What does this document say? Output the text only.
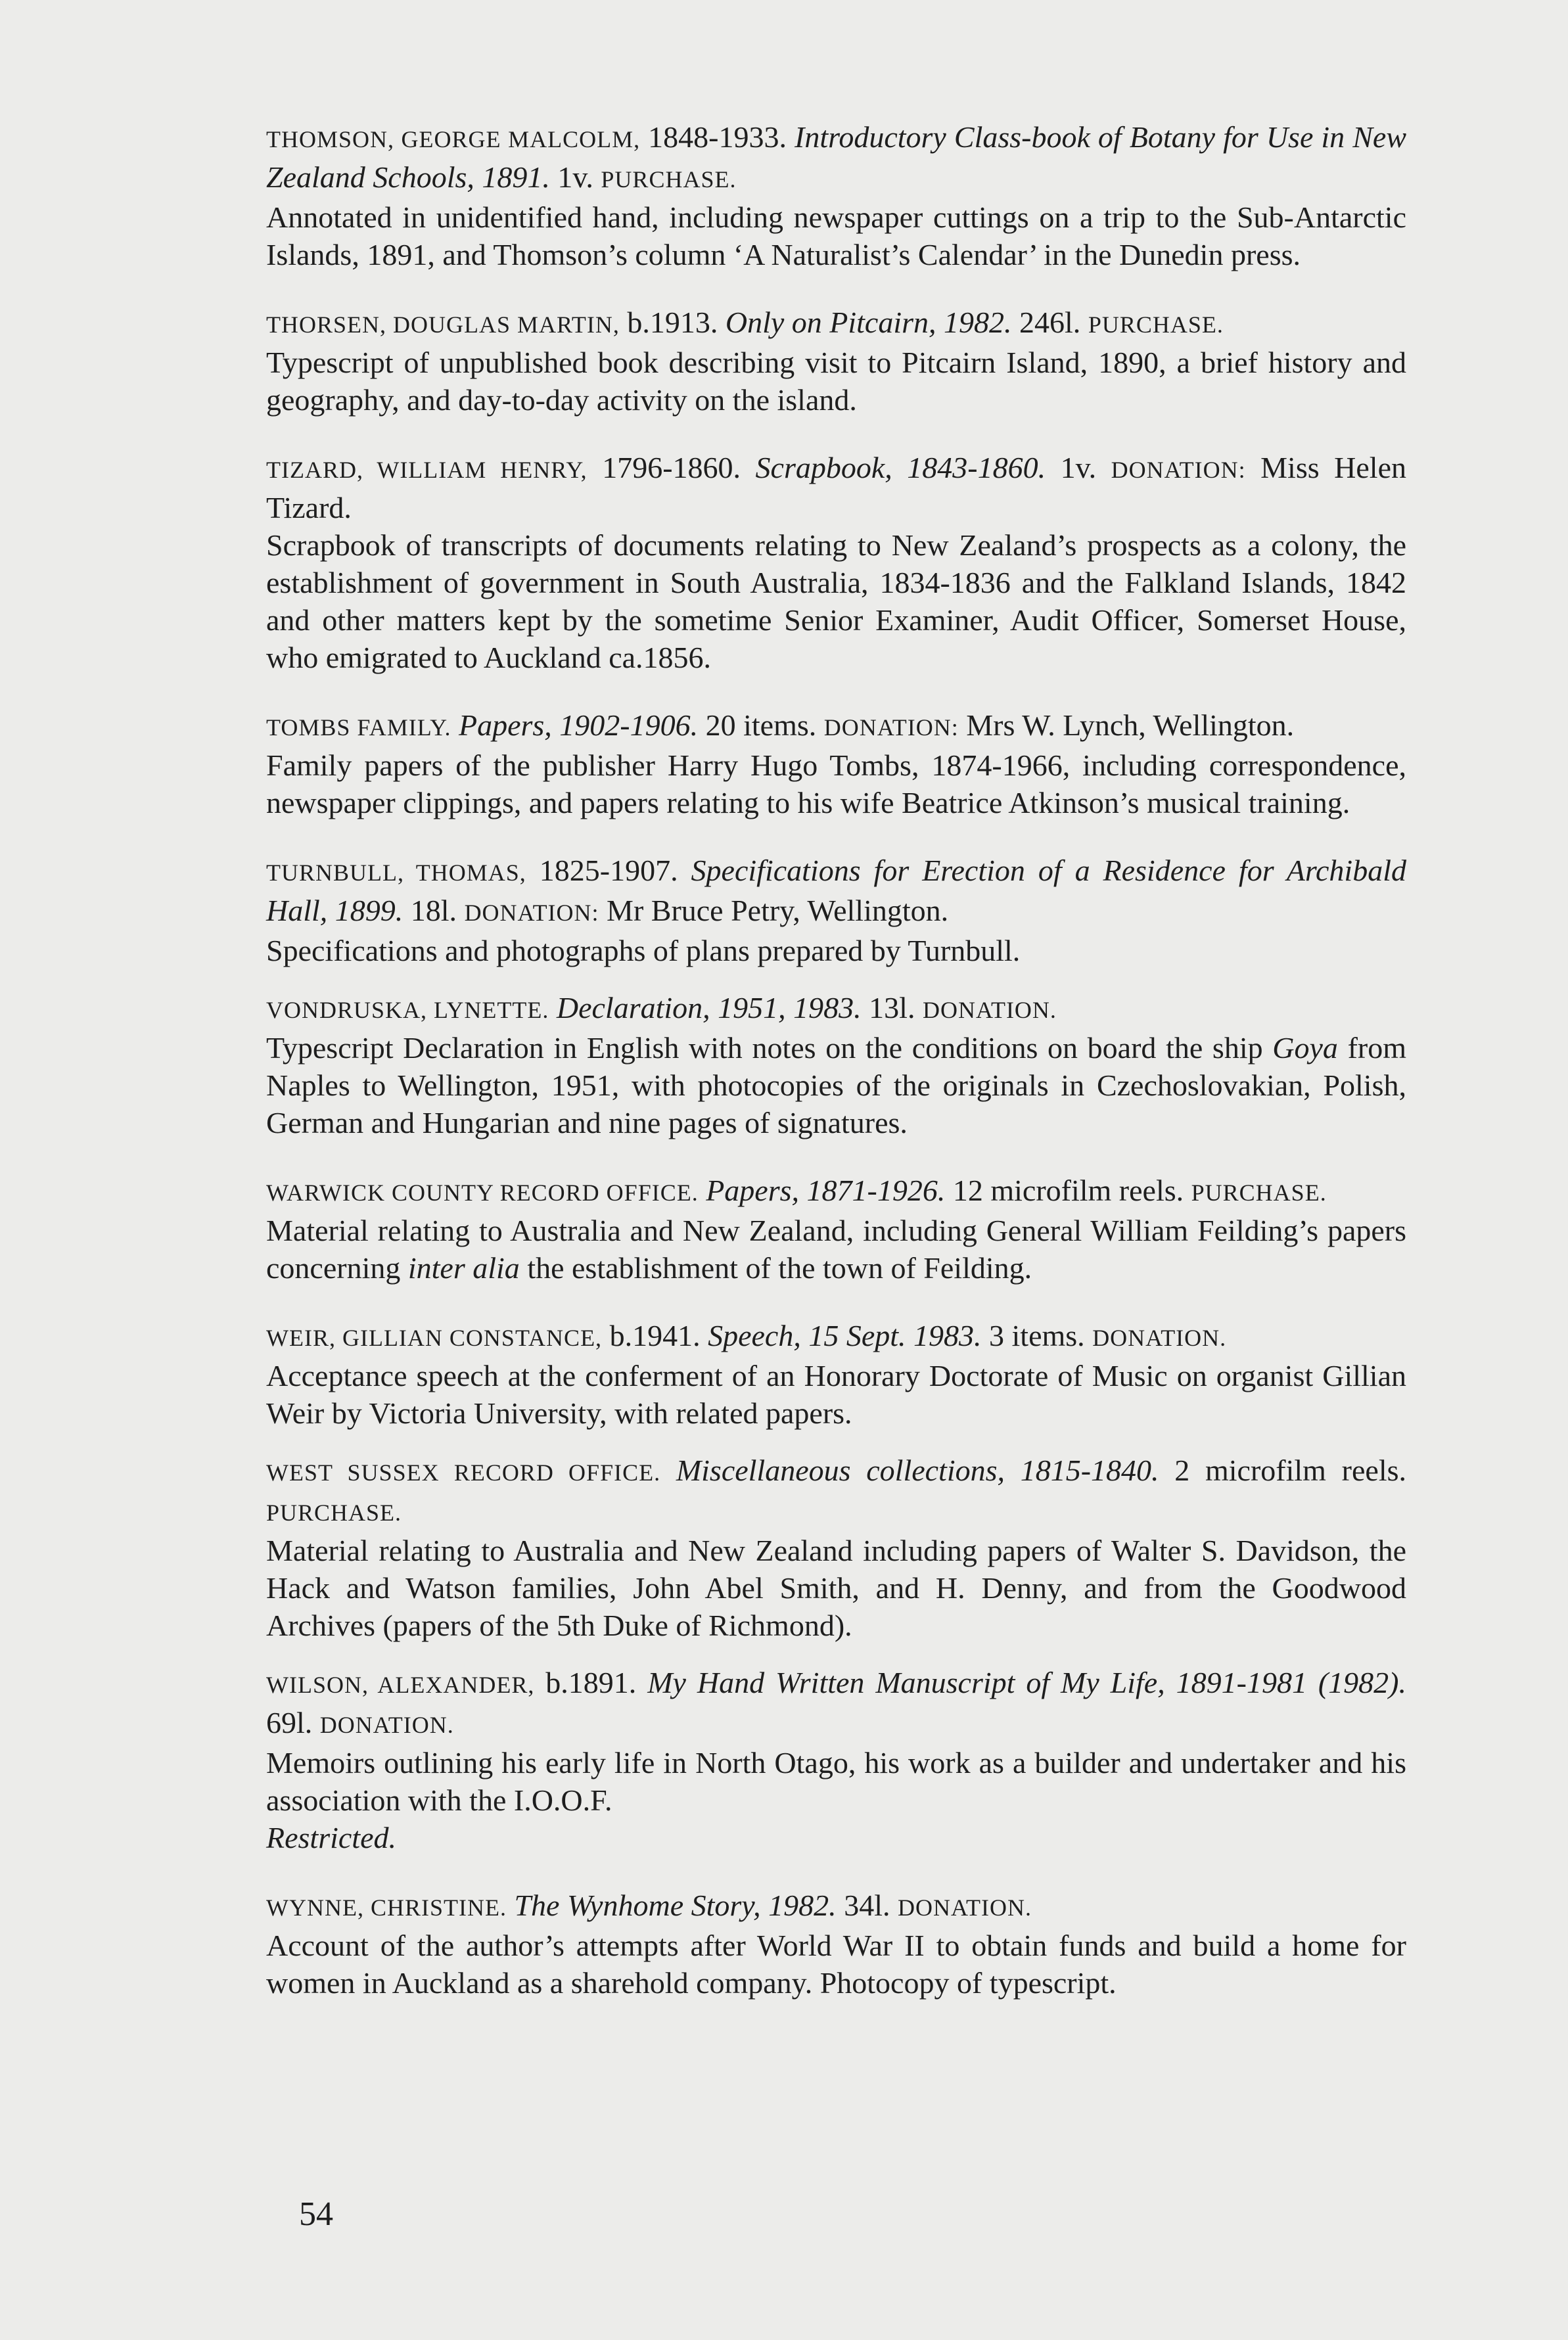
THOMSON, GEORGE MALCOLM, 1848-1933. Introductory Class-book of Botany for Use in New Zealand Schools, 1891. 1v. PURCHASE.
Annotated in unidentified hand, including newspaper cuttings on a trip to the Sub-Antarctic Islands, 1891, and Thomson’s column ‘A Naturalist’s Calendar’ in the Dunedin press.
THORSEN, DOUGLAS MARTIN, b.1913. Only on Pitcairn, 1982. 246l. PURCHASE.
Typescript of unpublished book describing visit to Pitcairn Island, 1890, a brief history and geography, and day-to-day activity on the island.
TIZARD, WILLIAM HENRY, 1796-1860. Scrapbook, 1843-1860. 1v. DONATION: Miss Helen Tizard.
Scrapbook of transcripts of documents relating to New Zealand’s prospects as a colony, the establishment of government in South Australia, 1834-1836 and the Falkland Islands, 1842 and other matters kept by the sometime Senior Examiner, Audit Officer, Somerset House, who emigrated to Auckland ca.1856.
TOMBS FAMILY. Papers, 1902-1906. 20 items. DONATION: Mrs W. Lynch, Wellington.
Family papers of the publisher Harry Hugo Tombs, 1874-1966, including correspondence, newspaper clippings, and papers relating to his wife Beatrice Atkinson’s musical training.
TURNBULL, THOMAS, 1825-1907. Specifications for Erection of a Residence for Archibald Hall, 1899. 18l. DONATION: Mr Bruce Petry, Wellington.
Specifications and photographs of plans prepared by Turnbull.
VONDRUSKA, LYNETTE. Declaration, 1951, 1983. 13l. DONATION.
Typescript Declaration in English with notes on the conditions on board the ship Goya from Naples to Wellington, 1951, with photocopies of the originals in Czechoslovakian, Polish, German and Hungarian and nine pages of signatures.
WARWICK COUNTY RECORD OFFICE. Papers, 1871-1926. 12 microfilm reels. PURCHASE.
Material relating to Australia and New Zealand, including General William Feilding’s papers concerning inter alia the establishment of the town of Feilding.
WEIR, GILLIAN CONSTANCE, b.1941. Speech, 15 Sept. 1983. 3 items. DONATION.
Acceptance speech at the conferment of an Honorary Doctorate of Music on organist Gillian Weir by Victoria University, with related papers.
WEST SUSSEX RECORD OFFICE. Miscellaneous collections, 1815-1840. 2 microfilm reels. PURCHASE.
Material relating to Australia and New Zealand including papers of Walter S. Davidson, the Hack and Watson families, John Abel Smith, and H. Denny, and from the Goodwood Archives (papers of the 5th Duke of Richmond).
WILSON, ALEXANDER, b.1891. My Hand Written Manuscript of My Life, 1891-1981 (1982). 69l. DONATION.
Memoirs outlining his early life in North Otago, his work as a builder and undertaker and his association with the I.O.O.F.
Restricted.
WYNNE, CHRISTINE. The Wynhome Story, 1982. 34l. DONATION.
Account of the author’s attempts after World War II to obtain funds and build a home for women in Auckland as a sharehold company. Photocopy of typescript.
54
